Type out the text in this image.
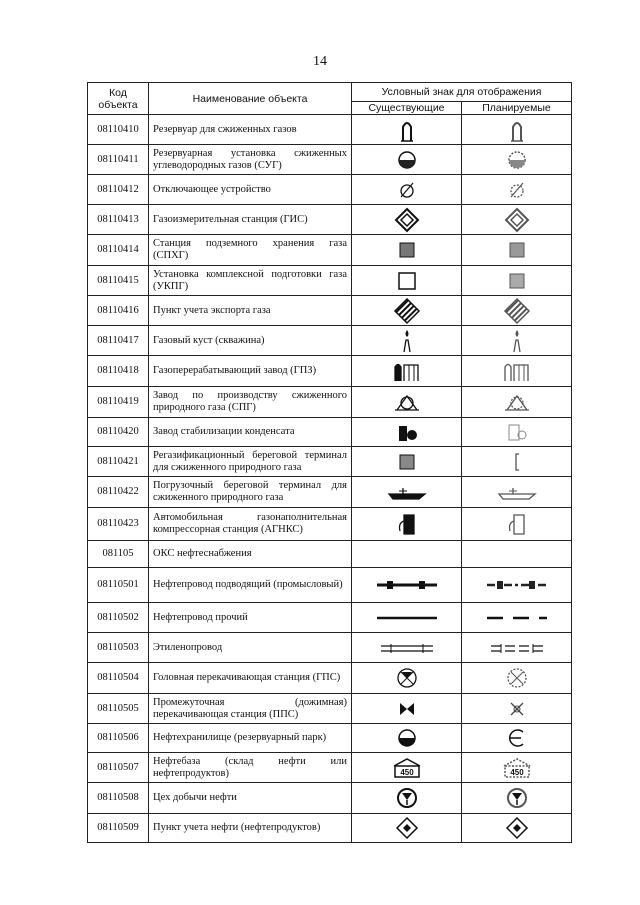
14
Код объекта	Наименование объекта	Условный знак для отображения	
		Существующие	Планируемые
08110410	Резервуар для сжиженных газов	

08110411	Резервуарная установка сжиженных углеводородных газов (СУГ)	

08110412	Отключающее устройство	

08110413	Газоизмерительная станция (ГИС)	

08110414	Станция подземного хранения газа (СПХГ)	

08110415	Установка комплексной подготовки газа (УКПГ)	

08110416	Пункт учета экспорта газа	

08110417	Газовый куст (скважина)	

08110418	Газоперерабатывающий завод (ГПЗ)	

08110419	Завод по производству сжиженного природного газа (СПГ)	

08110420	Завод стабилизации конденсата	

08110421	Регазификационный береговой терминал для сжиженного природного газа	

08110422	Погрузочный береговой терминал для сжиженного природного газа	

08110423	Автомобильная газонаполнительная компрессорная станция (АГНКС)	

081105	ОКС нефтеснабжения		
08110501	Нефтепровод подводящий (промысловый)	

08110502	Нефтепровод прочий	

08110503	Этиленопровод	

08110504	Головная перекачивающая станция (ГПС)	

08110505	Промежуточная (дожимная) перекачивающая станция (ППС)	

08110506	Нефтехранилище (резервуарный парк)	

08110507	Нефтебаза (склад нефти или нефтепродуктов)	450	450

08110508	Цех добычи нефти	

08110509	Пункт учета нефти (нефтепродуктов)	
